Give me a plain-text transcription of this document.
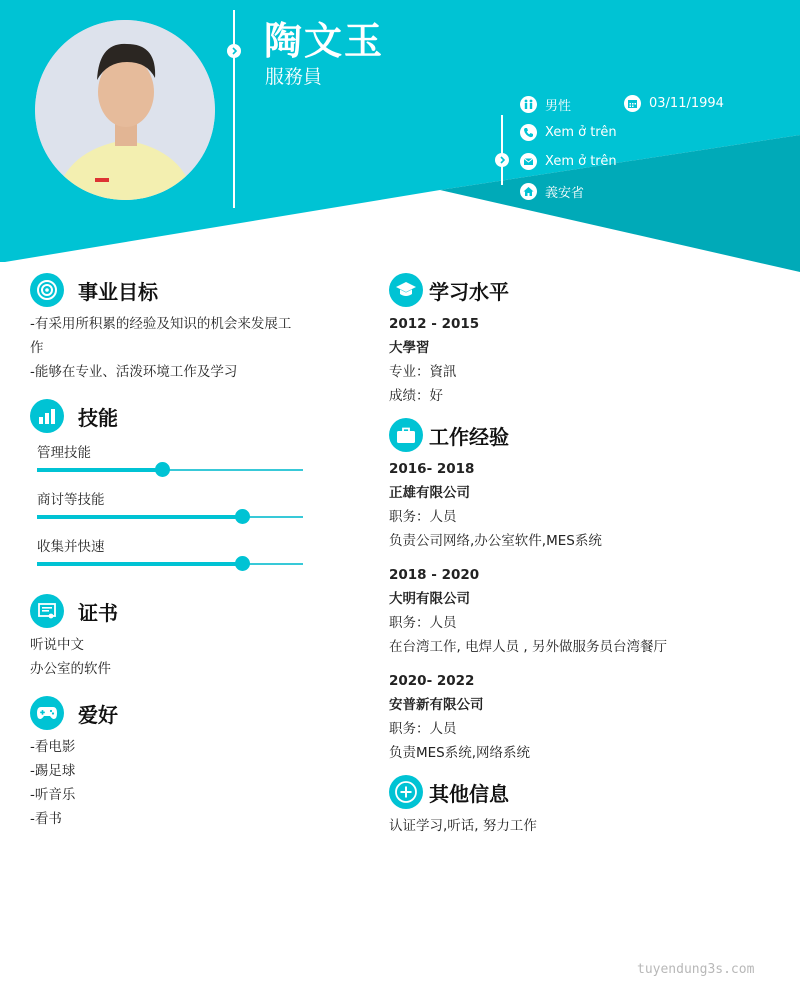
陶文玉
服務員
男性	03/11/1994
Xem ở trên
Xem ở trên
義安省
事业目标
-有采用所积累的经验及知识的机会来发展工
作
-能够在专业、活泼环境工作及学习
技能
管理技能
商讨等技能
收集并快速
证书
听说中文
办公室的软件
爱好
-看电影
-踢足球
-听音乐
-看书
学习水平
2012 - 2015
大學習
专业：資訊
成绩：好
工作经验
2016- 2018
正雄有限公司
职务：人员
负责公司网络,办公室软件,MES系统
2018 - 2020
大明有限公司
职务：人员
在台湾工作, 电焊人员 , 另外做服务员台湾餐厅
2020- 2022
安普新有限公司
职务：人员
负责MES系统,网络系统
其他信息
认证学习,听话, 努力工作
tuyendung3s.com
